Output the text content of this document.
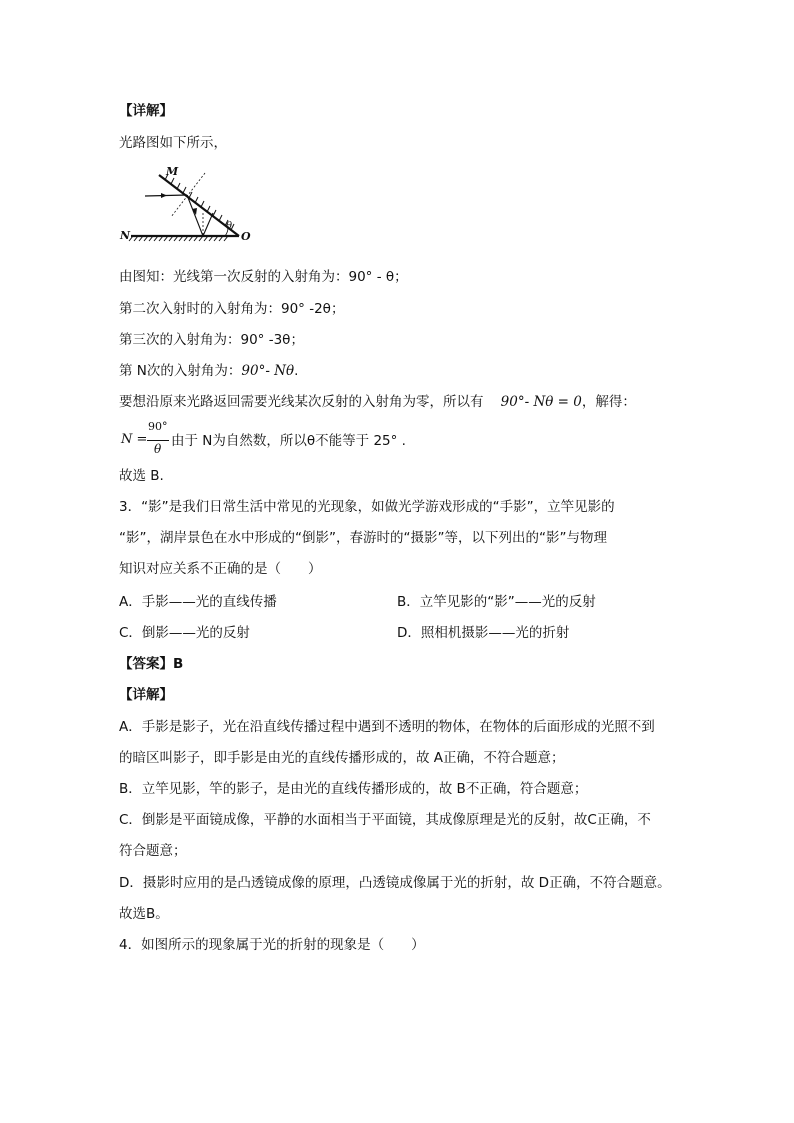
【详解】
光路图如下所示，
M
N	O
θ
由图知：光线第一次反射的入射角为：90° - θ；
第二次入射时的入射角为：90° -2θ；
第三次的入射角为：90° -3θ；
第 N次的入射角为：90°- Nθ.
要想沿原来光路返回需要光线某次反射的入射角为零，所以有 90°- Nθ = 0，解得：
N =
90°
θ 由于 N为自然数，所以θ不能等于 25° .
故选 B.
3．“影”是我们日常生活中常见的光现象，如做光学游戏形成的“手影”，立竿见影的
“影”，湖岸景色在水中形成的“倒影”，春游时的“摄影”等，以下列出的“影”与物理
知识对应关系不正确的是（　　）
A．手影——光的直线传播	B．立竿见影的“影”——光的反射
C．倒影——光的反射	D．照相机摄影——光的折射
【答案】B
【详解】
A．手影是影子，光在沿直线传播过程中遇到不透明的物体，在物体的后面形成的光照不到
的暗区叫影子，即手影是由光的直线传播形成的，故 A正确，不符合题意；
B．立竿见影，竿的影子，是由光的直线传播形成的，故 B不正确，符合题意；
C．倒影是平面镜成像，平静的水面相当于平面镜，其成像原理是光的反射，故C正确，不
符合题意；
D．摄影时应用的是凸透镜成像的原理，凸透镜成像属于光的折射，故 D正确，不符合题意。
故选B。
4．如图所示的现象属于光的折射的现象是（　　）
